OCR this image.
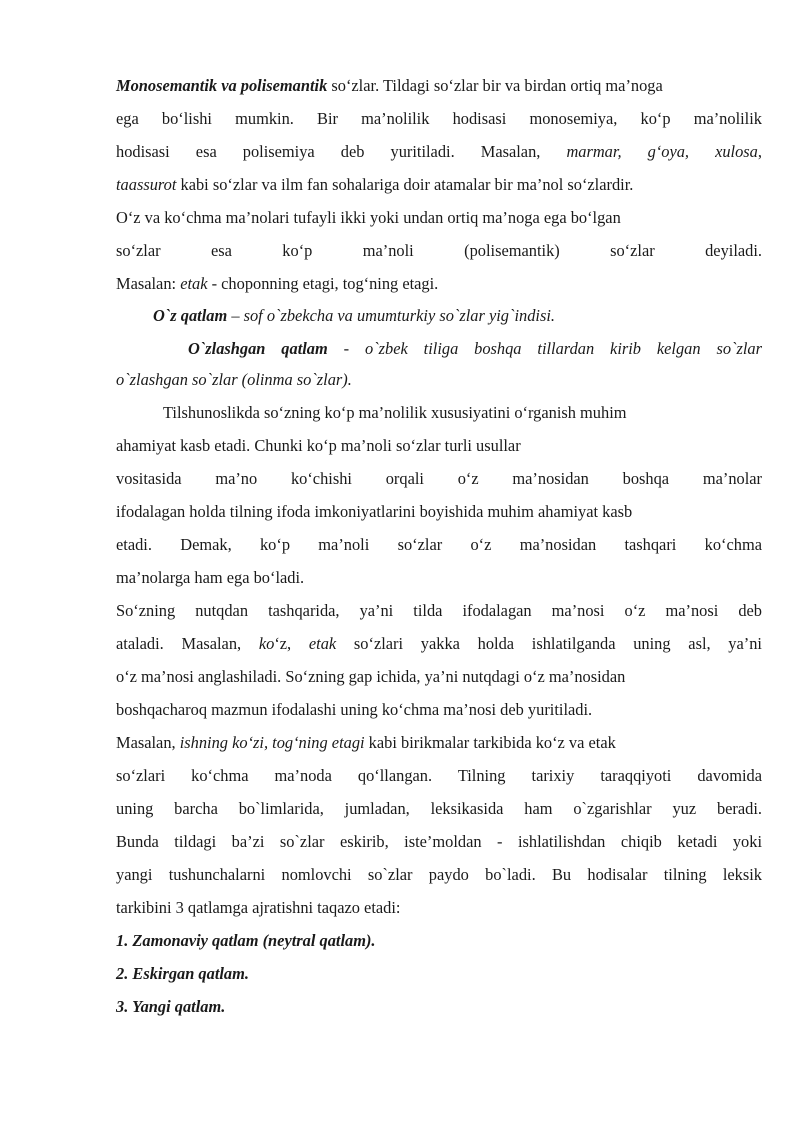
Monosemantik va polisemantik so‘zlar. Tildagi so‘zlar bir va birdan ortiq ma’noga
ega bo‘lishi mumkin. Bir ma’nolilik hodisasi monosemiya, ko‘p ma’nolilik
hodisasi esa polisemiya deb yuritiladi. Masalan, marmar, g‘oya, xulosa,
taassurot kabi so‘zlar va ilm fan sohalariga doir atamalar bir ma’nol so‘zlardir.
O‘z va ko‘chma ma’nolari tufayli ikki yoki undan ortiq ma’noga ega bo‘lgan
so‘zlar esa ko‘p ma’noli (polisemantik) so‘zlar deyiladi.
Masalan: etak - choponning etagi, tog‘ning etagi.
O`z qatlam – sof o`zbekcha va umumturkiy so`zlar yig`indisi.
O`zlashgan qatlam - o`zbek tiliga boshqa tillardan kirib kelgan so`zlar
o`zlashgan so`zlar (olinma so`zlar).
Tilshunoslikda so‘zning ko‘p ma’nolilik xususiyatini o‘rganish muhim
ahamiyat kasb etadi. Chunki ko‘p ma’noli so‘zlar turli usullar
vositasida ma’no ko‘chishi orqali o‘z ma’nosidan boshqa ma’nolar
ifodalagan holda tilning ifoda imkoniyatlarini boyishida muhim ahamiyat kasb
etadi. Demak, ko‘p ma’noli so‘zlar o‘z ma’nosidan tashqari ko‘chma
ma’nolarga ham ega bo‘ladi.
So‘zning nutqdan tashqarida, ya’ni tilda ifodalagan ma’nosi o‘z ma’nosi deb
ataladi. Masalan, ko‘z, etak so‘zlari yakka holda ishlatilganda uning asl, ya’ni
o‘z ma’nosi anglashiladi. So‘zning gap ichida, ya’ni nutqdagi o‘z ma’nosidan
boshqacharoq mazmun ifodalashi uning ko‘chma ma’nosi deb yuritiladi.
Masalan, ishning ko‘zi, tog‘ning etagi kabi birikmalar tarkibida ko‘z va etak
so‘zlari ko‘chma ma’noda qo‘llangan. Tilning tarixiy taraqqiyoti davomida
uning barcha bo`limlarida, jumladan, leksikasida ham o`zgarishlar yuz beradi.
Bunda tildagi ba’zi so`zlar eskirib, iste’moldan - ishlatilishdan chiqib ketadi yoki
yangi tushunchalarni nomlovchi so`zlar paydo bo`ladi. Bu hodisalar tilning leksik
tarkibini 3 qatlamga ajratishni taqazo etadi:
1. Zamonaviy qatlam (neytral qatlam).
2. Eskirgan qatlam.
3. Yangi qatlam.
